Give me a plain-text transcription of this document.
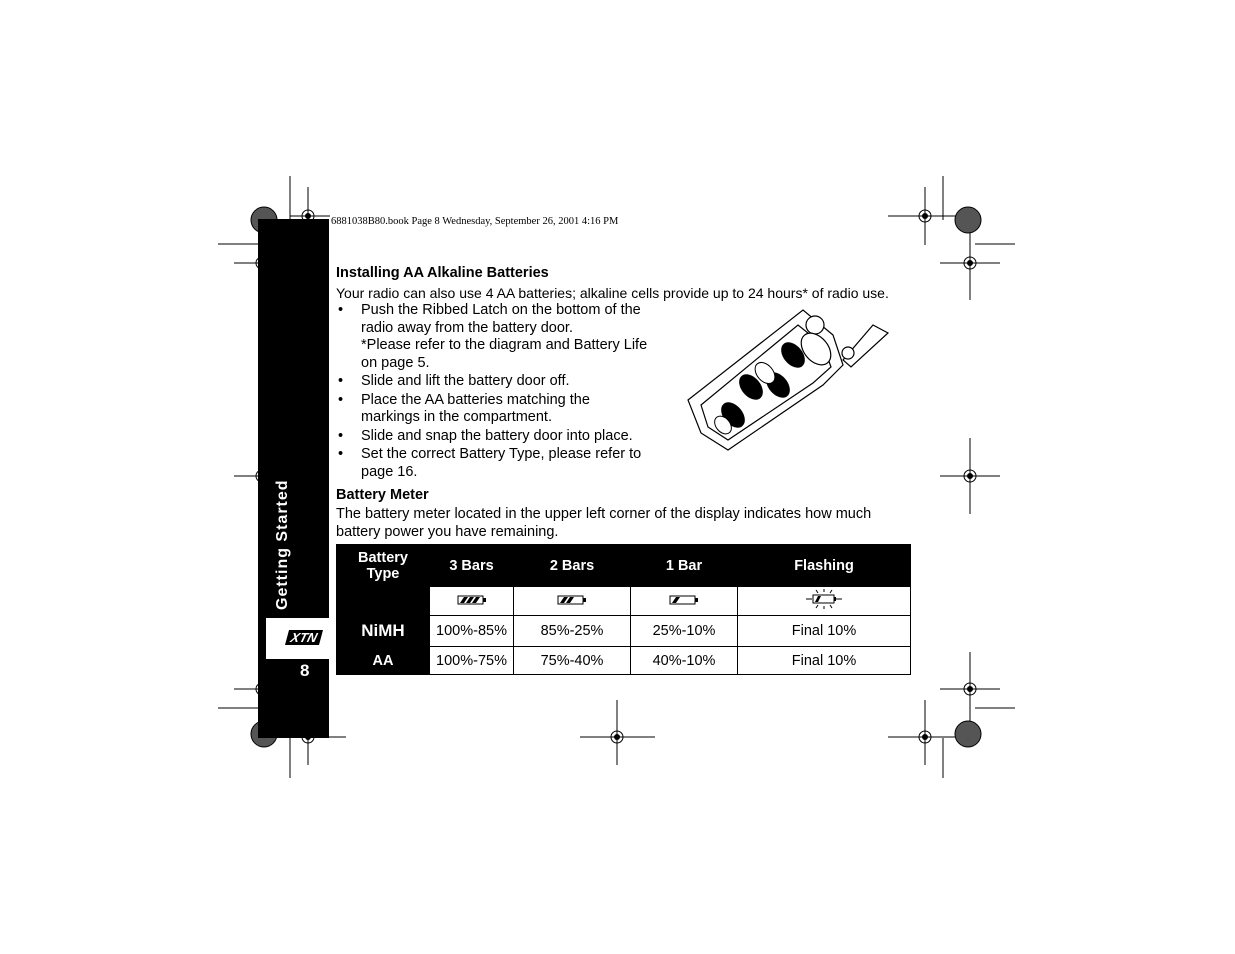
6881038B80.book Page 8 Wednesday, September 26, 2001 4:16 PM
Getting Started
XTN
8
Installing AA Alkaline Batteries
Your radio can also use 4 AA batteries; alkaline cells provide up to 24 hours* of radio use.
• Push the Ribbed Latch on the bottom of the
radio away from the battery door.
*Please refer to the diagram and Battery Life
on page 5.
• Slide and lift the battery door off.
• Place the AA batteries matching the
markings in the compartment.
• Slide and snap the battery door into place.
• Set the correct Battery Type, please refer to
page 16.
Battery Meter
The battery meter located in the upper left corner of the display indicates how much
battery power you have remaining.
Battery
Type	3 Bars	2 Bars	1 Bar	Flashing

NiMH	100%-85%	85%-25%	25%-10%	Final 10%
AA	100%-75%	75%-40%	40%-10%	Final 10%
